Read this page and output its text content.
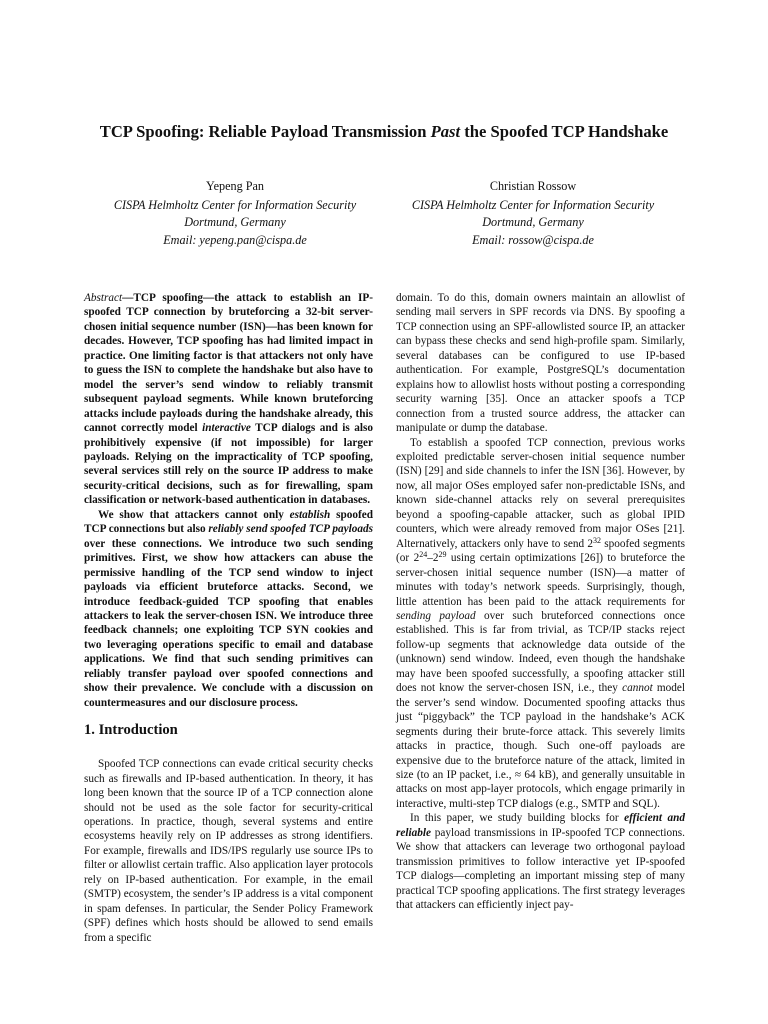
TCP Spoofing: Reliable Payload Transmission Past the Spoofed TCP Handshake
Yepeng Pan
CISPA Helmholtz Center for Information Security
Dortmund, Germany
Email: yepeng.pan@cispa.de
Christian Rossow
CISPA Helmholtz Center for Information Security
Dortmund, Germany
Email: rossow@cispa.de

Abstract—TCP spoofing—the attack to establish an IP-spoofed TCP connection by bruteforcing a 32-bit server-chosen initial sequence number (ISN)—has been known for decades. However, TCP spoofing has had limited impact in practice. One limiting factor is that attackers not only have to guess the ISN to complete the handshake but also have to model the server’s send window to reliably transmit subsequent payload segments. While known bruteforcing attacks include payloads during the handshake already, this cannot correctly model interactive TCP dialogs and is also prohibitively expensive (if not impossible) for larger payloads. Relying on the impracticality of TCP spoofing, several services still rely on the source IP address to make security-critical decisions, such as for firewalling, spam classification or network-based authentication in databases.

We show that attackers cannot only establish spoofed TCP connections but also reliably send spoofed TCP payloads over these connections. We introduce two such sending primitives. First, we show how attackers can abuse the permissive handling of the TCP send window to inject payloads via efficient bruteforce attacks. Second, we introduce feedback-guided TCP spoofing that enables attackers to leak the server-chosen ISN. We introduce three feedback channels; one exploiting TCP SYN cookies and two leveraging operations specific to email and database applications. We find that such sending primitives can reliably transfer payload over spoofed connections and show their prevalence. We conclude with a discussion on countermeasures and our disclosure process.

1. Introduction

Spoofed TCP connections can evade critical security checks such as firewalls and IP-based authentication. In theory, it has long been known that the source IP of a TCP connection alone should not be used as the sole factor for security-critical operations. In practice, though, several systems and entire ecosystems heavily rely on IP addresses as strong identifiers. For example, firewalls and IDS/IPS regularly use source IPs to filter or allowlist certain traffic. Also application layer protocols rely on IP-based authentication. For example, in the email (SMTP) ecosystem, the sender’s IP address is a vital component in spam defenses. In particular, the Sender Policy Framework (SPF) defines which hosts should be allowed to send emails from a specific

domain. To do this, domain owners maintain an allowlist of sending mail servers in SPF records via DNS. By spoofing a TCP connection using an SPF-allowlisted source IP, an attacker can bypass these checks and send high-profile spam. Similarly, several databases can be configured to use IP-based authentication. For example, PostgreSQL’s documentation explains how to allowlist hosts without posting a corresponding security warning [35]. Once an attacker spoofs a TCP connection from a trusted source address, the attacker can manipulate or dump the database.

To establish a spoofed TCP connection, previous works exploited predictable server-chosen initial sequence number (ISN) [29] and side channels to infer the ISN [36]. However, by now, all major OSes employed safer non-predictable ISNs, and known side-channel attacks rely on several prerequisites beyond a spoofing-capable attacker, such as global IPID counters, which were already removed from major OSes [21]. Alternatively, attackers only have to send $2^{32}$ spoofed segments (or $2^{24}-2^{29}$ using certain optimizations [26]) to bruteforce the server-chosen initial sequence number (ISN)—a matter of minutes with today’s network speeds. Surprisingly, though, little attention has been paid to the attack requirements for sending payload over such bruteforced connections once established. This is far from trivial, as TCP/IP stacks reject follow-up segments that acknowledge data outside of the (unknown) send window. Indeed, even though the handshake may have been spoofed successfully, a spoofing attacker still does not know the server-chosen ISN, i.e., they cannot model the server’s send window. Documented spoofing attacks thus just “piggyback” the TCP payload in the handshake’s ACK segments during their brute-force attack. This severely limits attacks in practice, though. Such one-off payloads are expensive due to the bruteforce nature of the attack, limited in size (to an IP packet, i.e., ≈ 64 kB), and generally unsuitable in attacks on most app-layer protocols, which engage primarily in interactive, multi-step TCP dialogs (e.g., SMTP and SQL).

In this paper, we study building blocks for efficient and reliable payload transmissions in IP-spoofed TCP connections. We show that attackers can leverage two orthogonal payload transmission primitives to follow interactive yet IP-spoofed TCP dialogs—completing an important missing step of many practical TCP spoofing applications. The first strategy leverages that attackers can efficiently inject pay-
